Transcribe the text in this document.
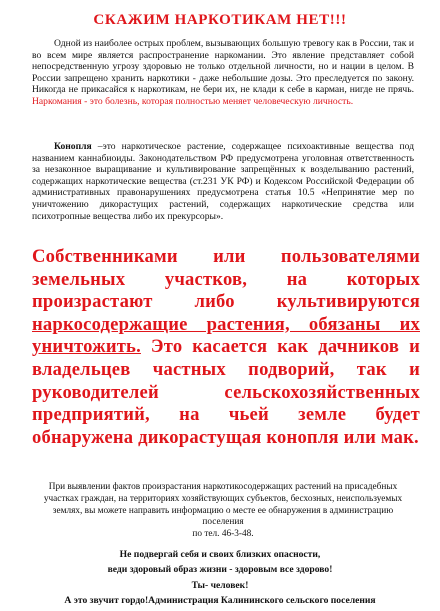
СКАЖИМ НАРКОТИКАМ НЕТ!!!
Одной из наиболее острых проблем, вызывающих большую тревогу как в России, так и во всем мире является распространение наркомании. Это явление представляет собой непосредственную угрозу здоровью не только отдельной личности, но и нации в целом. В России запрещено хранить наркотики - даже небольшие дозы. Это преследуется по закону. Никогда не прикасайся к наркотикам, не бери их, не клади к себе в карман, нигде не прячь. Наркомания - это болезнь, которая полностью меняет человеческую личность.
Конопля –это наркотическое растение, содержащее психоактивные вещества под названием каннабиоиды. Законодательством РФ предусмотрена уголовная ответственность за незаконное выращивание и культивирование запрещённых к возделыванию растений, содержащих наркотические вещества (ст.231 УК РФ) и Кодексом Российской Федерации об административных правонарушениях предусмотрена статья 10.5 «Непринятие мер по уничтожению дикорастущих растений, содержащих наркотические средства или психотропные вещества либо их прекурсоры».
Собственниками или пользователями земельных участков, на которых произрастают либо культивируются наркосодержащие растения, обязаны их уничтожить. Это касается как дачников и владельцев частных подворий, так и руководителей сельскохозяйственных предприятий, на чьей земле будет обнаружена дикорастущая конопля или мак.
При выявлении фактов произрастания наркотикосодержащих растений на присадебных участках граждан, на территориях хозяйствующих субъектов, бесхозных, неиспользуемых землях, вы можете направить информацию о месте ее обнаружения в администрацию поселения
по тел. 46-3-48.
Не подвергай себя и своих близких опасности,
веди здоровый образ жизни - здоровым все здорово!
Ты- человек!
А это звучит гордо!Администрация Калининского сельского поселения
